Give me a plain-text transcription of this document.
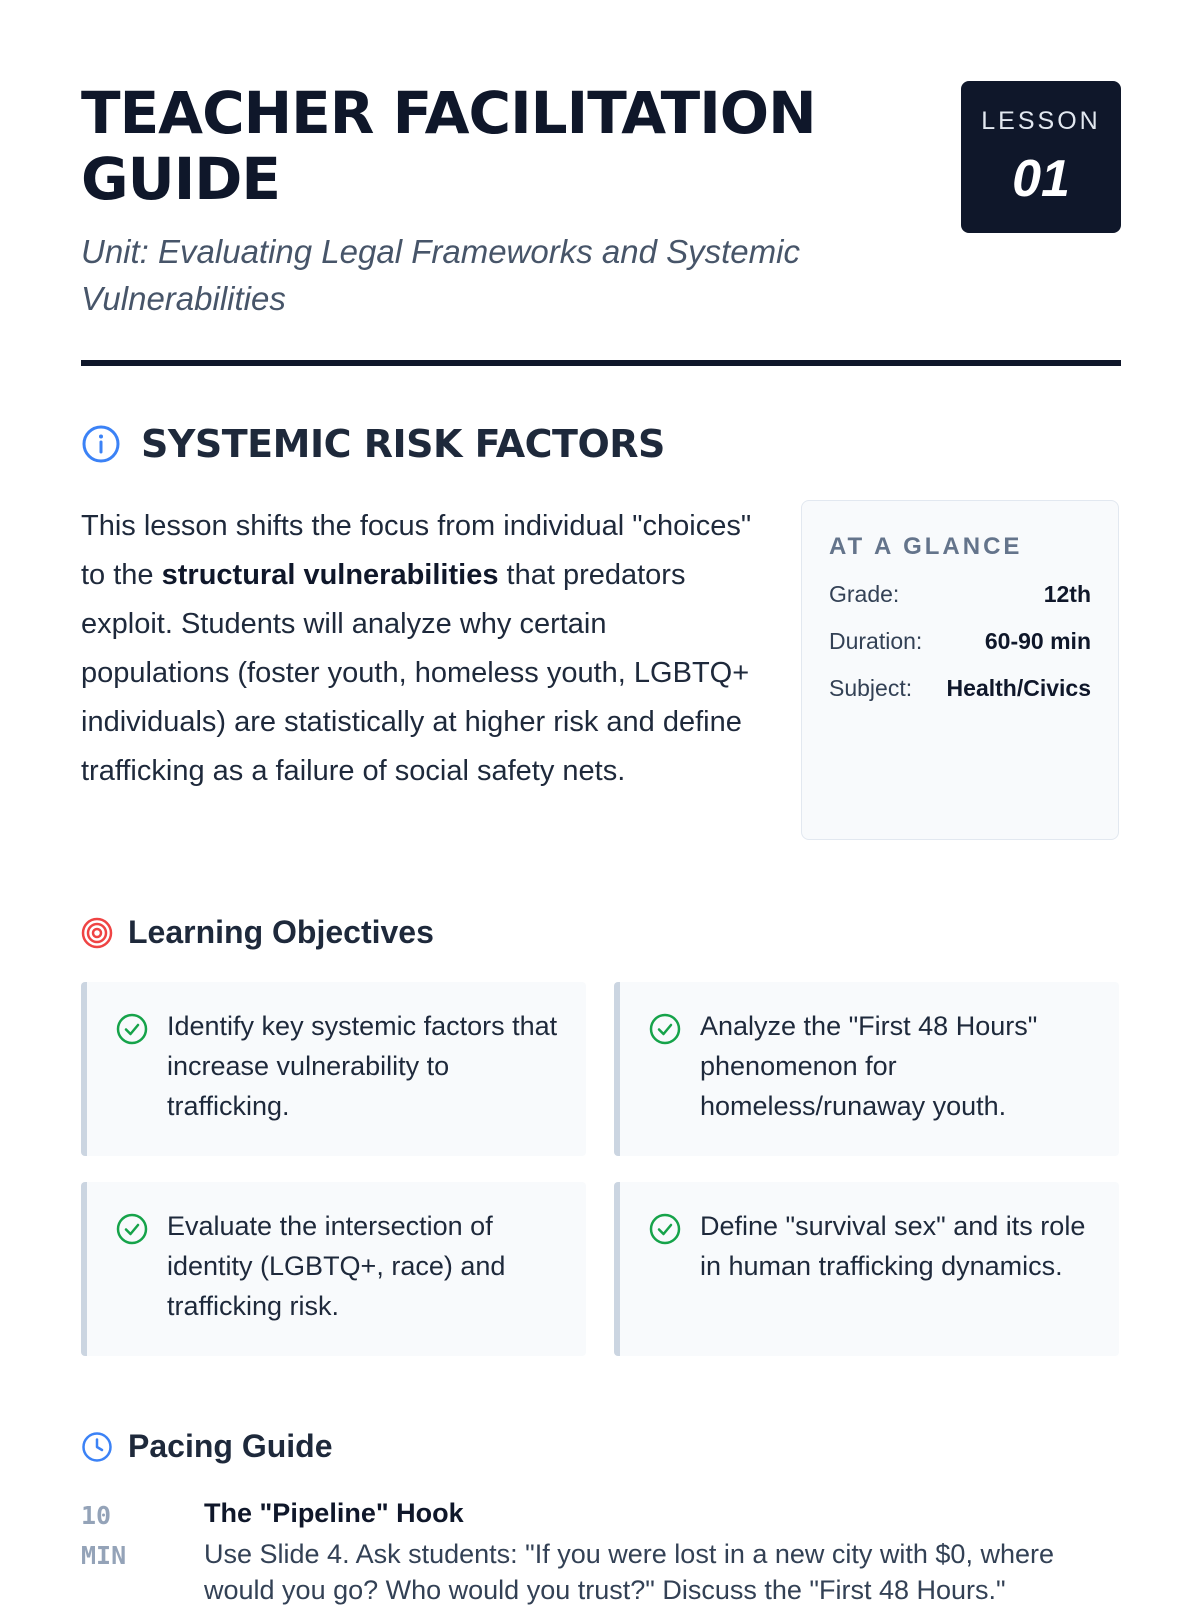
TEACHER FACILITATION GUIDE
Unit: Evaluating Legal Frameworks and Systemic Vulnerabilities
LESSON
01
SYSTEMIC RISK FACTORS

This lesson shifts the focus from individual "choices" to the structural vulnerabilities that predators exploit. Students will analyze why certain populations (foster youth, homeless youth, LGBTQ+ individuals) are statistically at higher risk and define trafficking as a failure of social safety nets.

AT A GLANCE
Grade:	12th
Duration:	60-90 min
Subject: Health/Civics
Learning Objectives
Identify key systemic factors that increase vulnerability to trafficking.
Analyze the "First 48 Hours" phenomenon for homeless/runaway youth.
Evaluate the intersection of identity (LGBTQ+, race) and trafficking risk.
Define "survival sex" and its role in human trafficking dynamics.
Pacing Guide
10 MIN
The "Pipeline" Hook
Use Slide 4. Ask students: "If you were lost in a new city with $0, where would you go? Who would you trust?" Discuss the "First 48 Hours."
